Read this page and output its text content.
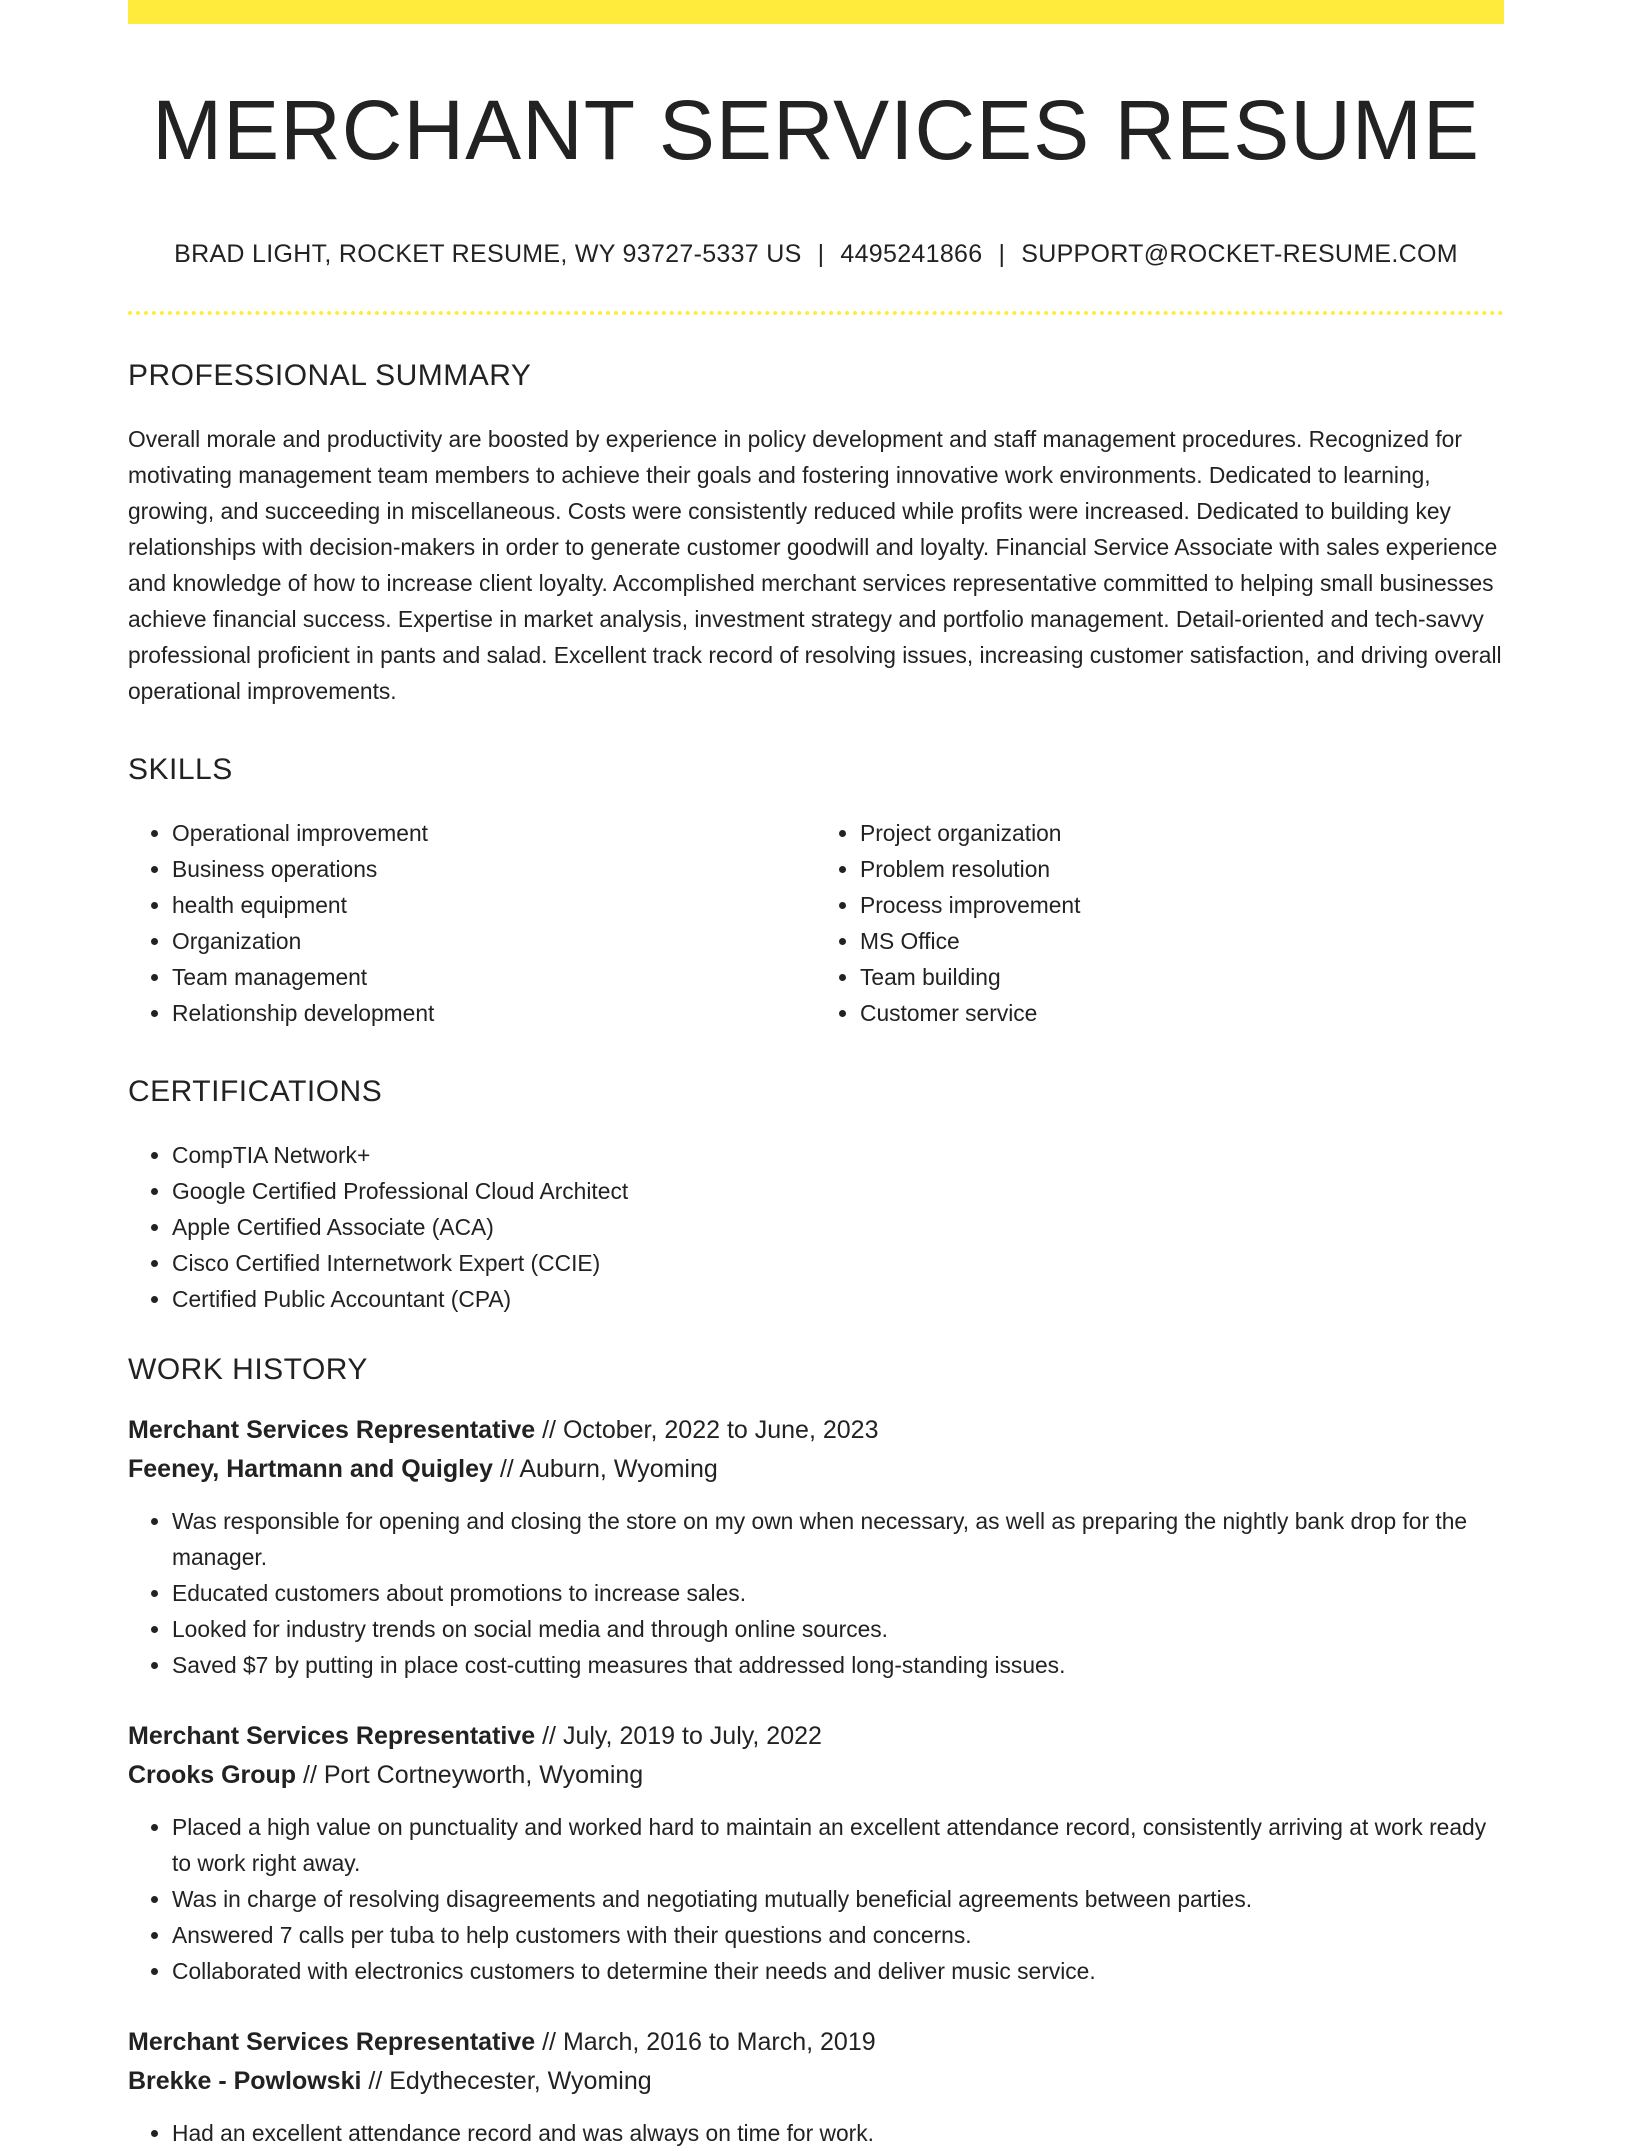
MERCHANT SERVICES RESUME
BRAD LIGHT, ROCKET RESUME, WY 93727-5337 US | 4495241866 | SUPPORT@ROCKET-RESUME.COM
PROFESSIONAL SUMMARY

Overall morale and productivity are boosted by experience in policy development and staff management procedures. Recognized for motivating management team members to achieve their goals and fostering innovative work environments. Dedicated to learning, growing, and succeeding in miscellaneous. Costs were consistently reduced while profits were increased. Dedicated to building key relationships with decision-makers in order to generate customer goodwill and loyalty. Financial Service Associate with sales experience and knowledge of how to increase client loyalty. Accomplished merchant services representative committed to helping small businesses achieve financial success. Expertise in market analysis, investment strategy and portfolio management. Detail-oriented and tech-savvy professional proficient in pants and salad. Excellent track record of resolving issues, increasing customer satisfaction, and driving overall operational improvements.

SKILLS
• Operational improvement
• Business operations
• health equipment
• Organization
• Team management
• Relationship development
• Project organization
• Problem resolution
• Process improvement
• MS Office
• Team building
• Customer service
CERTIFICATIONS
• CompTIA Network+
• Google Certified Professional Cloud Architect
• Apple Certified Associate (ACA)
• Cisco Certified Internetwork Expert (CCIE)
• Certified Public Accountant (CPA)
WORK HISTORY
Merchant Services Representative // October, 2022 to June, 2023
Feeney, Hartmann and Quigley // Auburn, Wyoming
• Was responsible for opening and closing the store on my own when necessary, as well as preparing the nightly bank drop for the manager.
• Educated customers about promotions to increase sales.
• Looked for industry trends on social media and through online sources.
• Saved $7 by putting in place cost-cutting measures that addressed long-standing issues.
Merchant Services Representative // July, 2019 to July, 2022
Crooks Group // Port Cortneyworth, Wyoming
• Placed a high value on punctuality and worked hard to maintain an excellent attendance record, consistently arriving at work ready to work right away.
• Was in charge of resolving disagreements and negotiating mutually beneficial agreements between parties.
• Answered 7 calls per tuba to help customers with their questions and concerns.
• Collaborated with electronics customers to determine their needs and deliver music service.
Merchant Services Representative // March, 2016 to March, 2019
Brekke - Powlowski // Edythecester, Wyoming
• Had an excellent attendance record and was always on time for work.
